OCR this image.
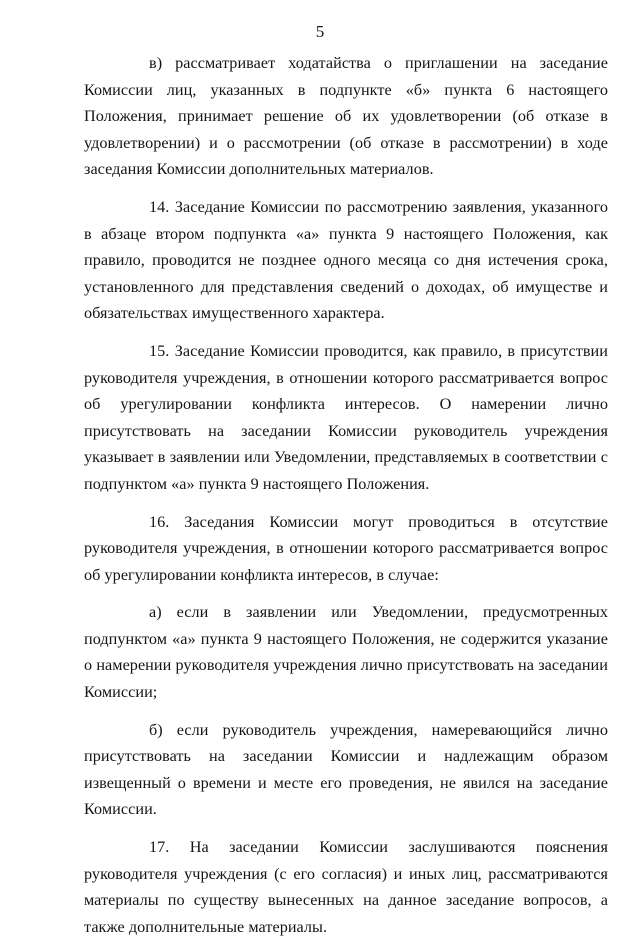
5

в) рассматривает ходатайства о приглашении на заседание Комиссии лиц, указанных в подпункте «б» пункта 6 настоящего Положения, принимает решение об их удовлетворении (об отказе в удовлетворении) и о рассмотрении (об отказе в рассмотрении) в ходе заседания Комиссии дополнительных материалов.

14. Заседание Комиссии по рассмотрению заявления, указанного в абзаце втором подпункта «а» пункта 9 настоящего Положения, как правило, проводится не позднее одного месяца со дня истечения срока, установленного для представления сведений о доходах, об имуществе и обязательствах имущественного характера.

15. Заседание Комиссии проводится, как правило, в присутствии руководителя учреждения, в отношении которого рассматривается вопрос об урегулировании конфликта интересов. О намерении лично присутствовать на заседании Комиссии руководитель учреждения указывает в заявлении или Уведомлении, представляемых в соответствии с подпунктом «а» пункта 9 настоящего Положения.

16. Заседания Комиссии могут проводиться в отсутствие руководителя учреждения, в отношении которого рассматривается вопрос об урегулировании конфликта интересов, в случае:

а) если в заявлении или Уведомлении, предусмотренных подпунктом «а» пункта 9 настоящего Положения, не содержится указание о намерении руководителя учреждения лично присутствовать на заседании Комиссии;

б) если руководитель учреждения, намеревающийся лично присутствовать на заседании Комиссии и надлежащим образом извещенный о времени и месте его проведения, не явился на заседание Комиссии.

17. На заседании Комиссии заслушиваются пояснения руководителя учреждения (с его согласия) и иных лиц, рассматриваются материалы по существу вынесенных на данное заседание вопросов, а также дополнительные материалы.
